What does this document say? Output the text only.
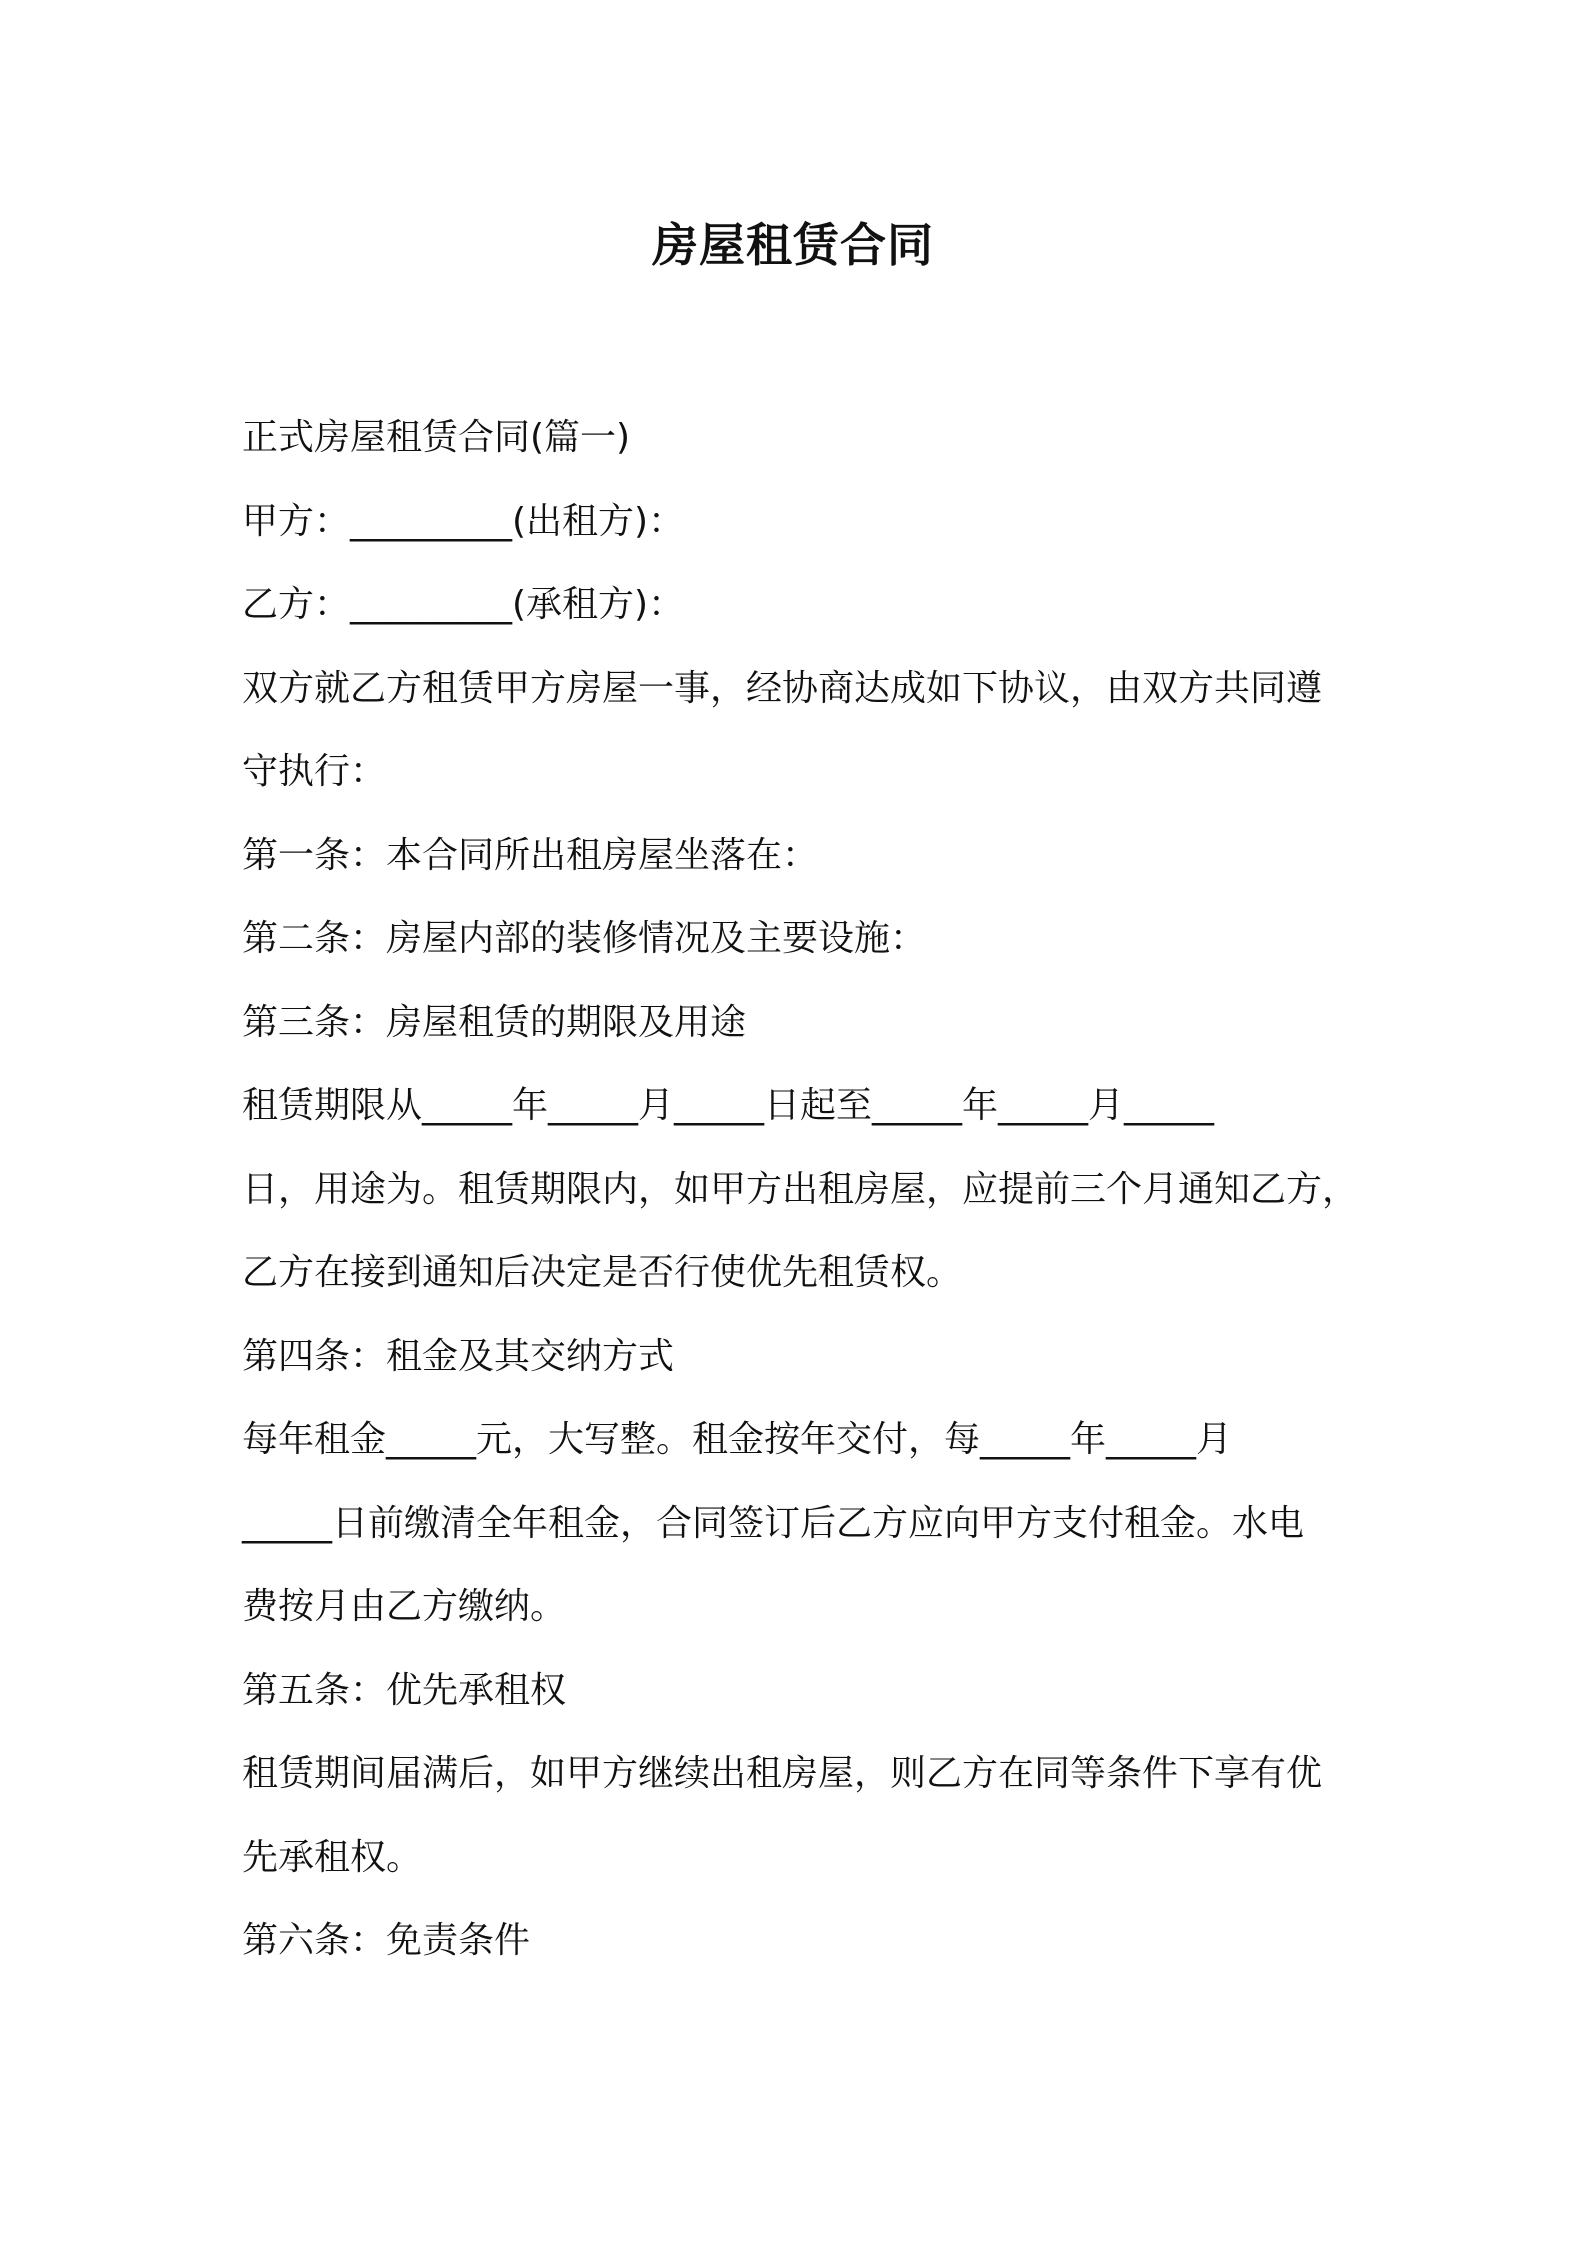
房屋租赁合同

正式房屋租赁合同(篇一)

甲方：_________(出租方)：

乙方：_________(承租方)：

双方就乙方租赁甲方房屋一事，经协商达成如下协议，由双方共同遵

守执行：

第一条：本合同所出租房屋坐落在：

第二条：房屋内部的装修情况及主要设施：

第三条：房屋租赁的期限及用途

租赁期限从_____年_____月_____日起至_____年_____月_____

日，用途为。租赁期限内，如甲方出租房屋，应提前三个月通知乙方，

乙方在接到通知后决定是否行使优先租赁权。

第四条：租金及其交纳方式

每年租金_____元，大写整。租金按年交付，每_____年_____月

_____日前缴清全年租金，合同签订后乙方应向甲方支付租金。水电

费按月由乙方缴纳。

第五条：优先承租权

租赁期间届满后，如甲方继续出租房屋，则乙方在同等条件下享有优

先承租权。

第六条：免责条件
